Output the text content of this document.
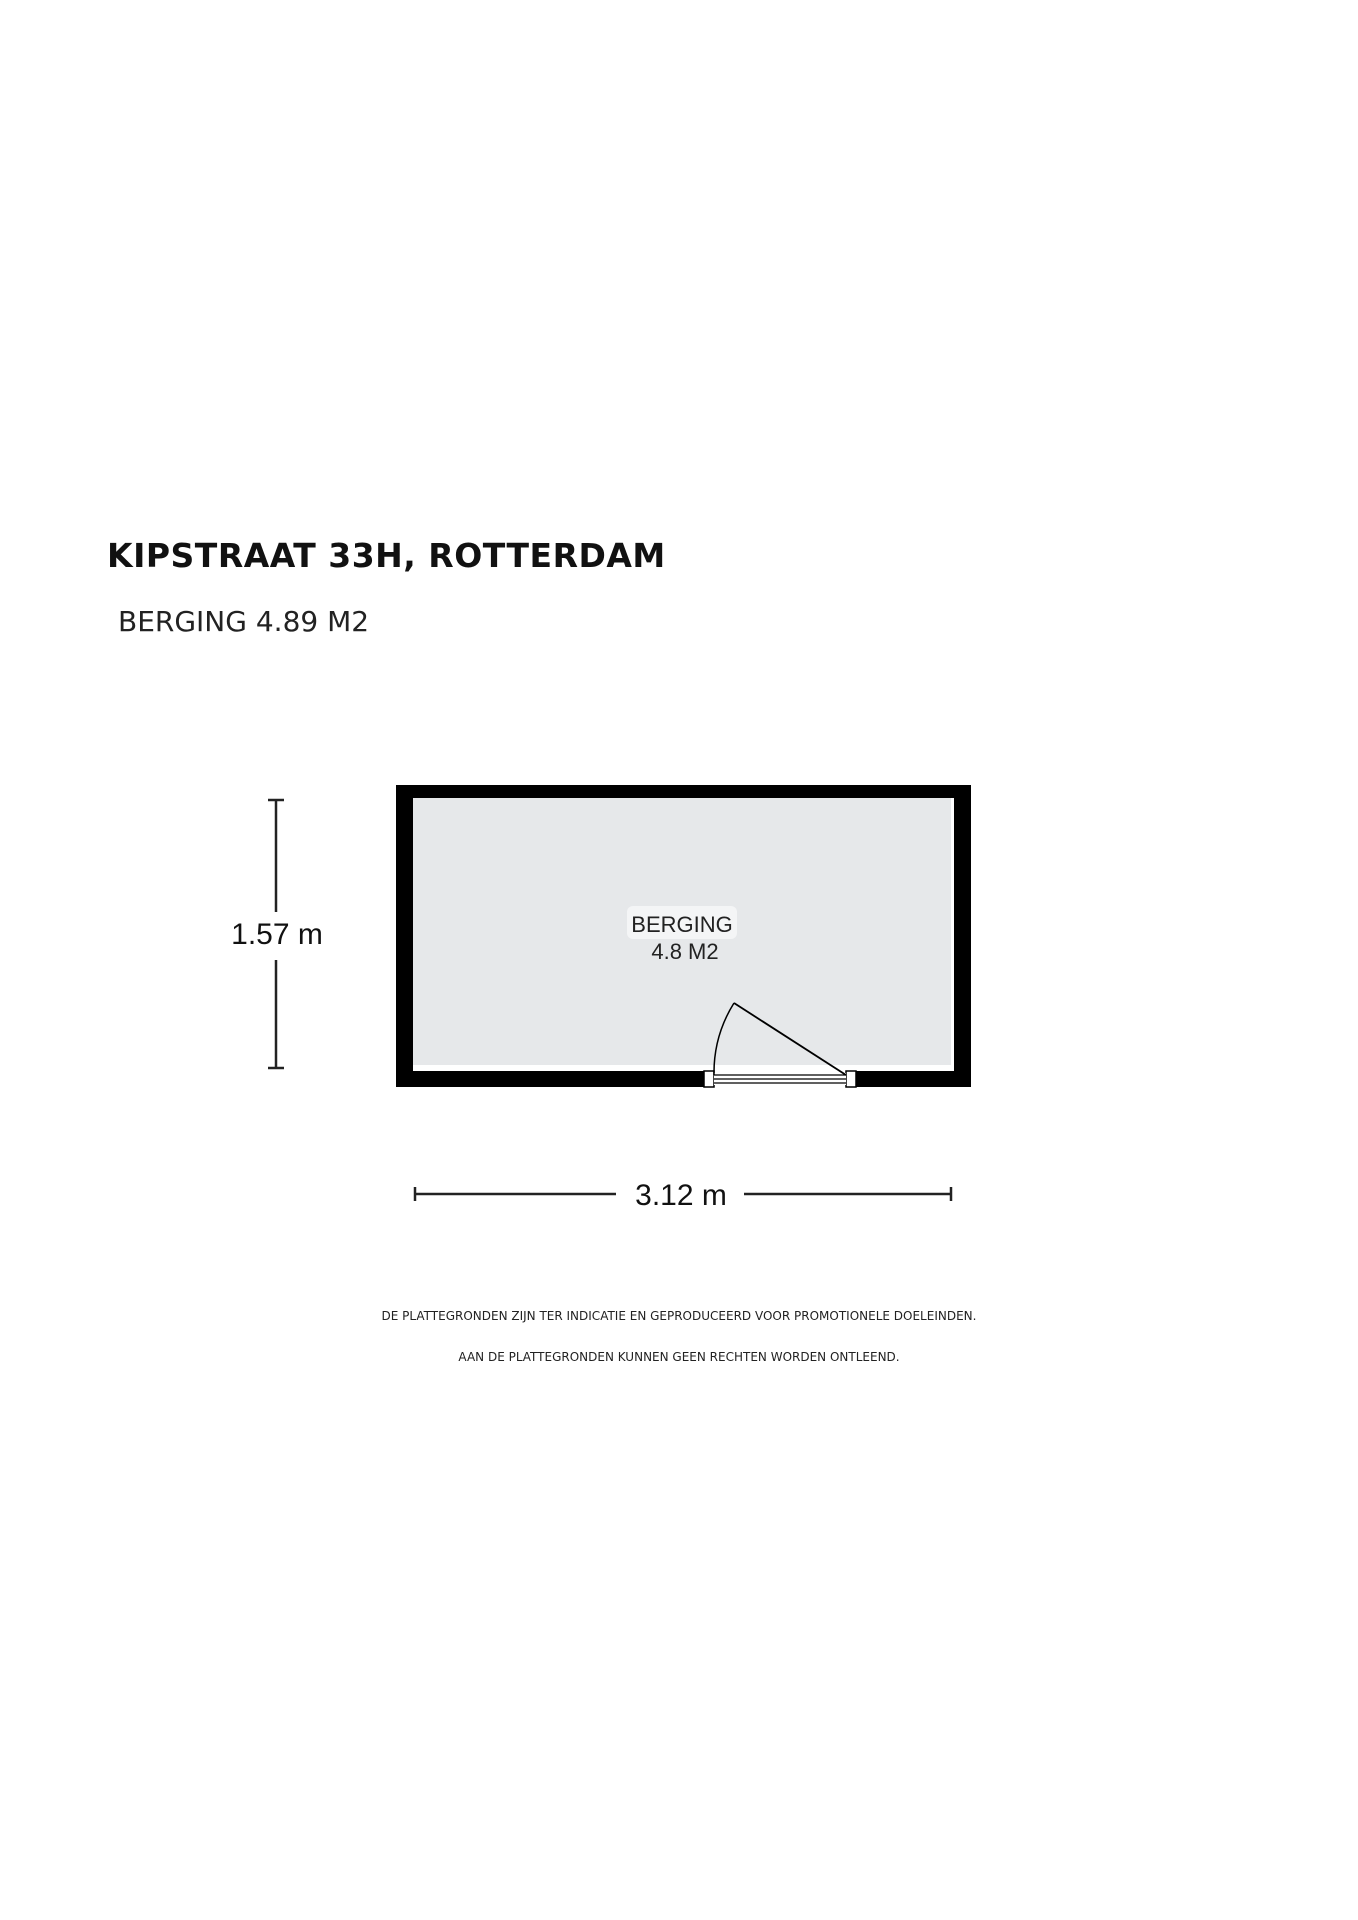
KIPSTRAAT 33H, ROTTERDAM
BERGING 4.89 M2
BERGING
4.8 M2
1.57 m
3.12 m
DE PLATTEGRONDEN ZIJN TER INDICATIE EN GEPRODUCEERD VOOR PROMOTIONELE DOELEINDEN.
AAN DE PLATTEGRONDEN KUNNEN GEEN RECHTEN WORDEN ONTLEEND.
